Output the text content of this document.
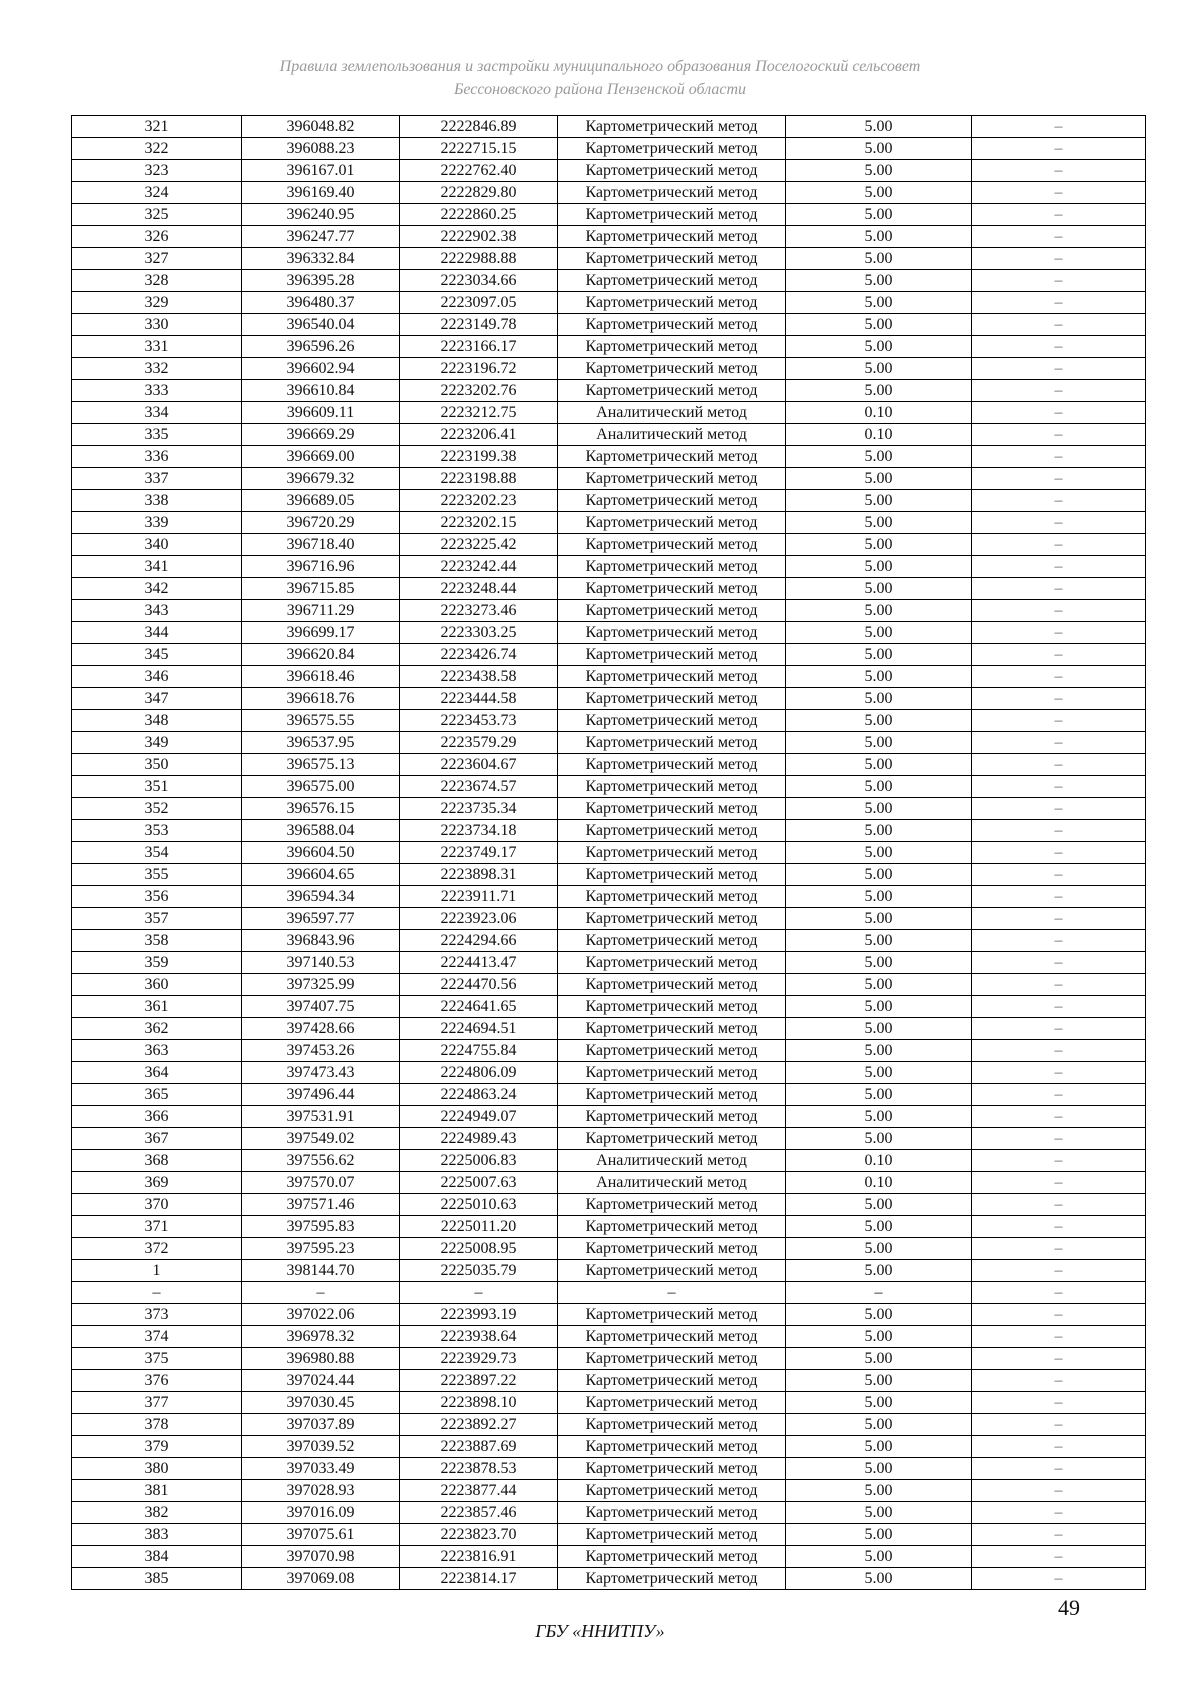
Правила землепользования и застройки муниципального образования Поселогоский сельсовет
Бессоновского района Пензенской области
321	396048.82	2222846.89	Картометрический метод	5.00	–
322	396088.23	2222715.15	Картометрический метод	5.00	–
323	396167.01	2222762.40	Картометрический метод	5.00	–
324	396169.40	2222829.80	Картометрический метод	5.00	–
325	396240.95	2222860.25	Картометрический метод	5.00	–
326	396247.77	2222902.38	Картометрический метод	5.00	–
327	396332.84	2222988.88	Картометрический метод	5.00	–
328	396395.28	2223034.66	Картометрический метод	5.00	–
329	396480.37	2223097.05	Картометрический метод	5.00	–
330	396540.04	2223149.78	Картометрический метод	5.00	–
331	396596.26	2223166.17	Картометрический метод	5.00	–
332	396602.94	2223196.72	Картометрический метод	5.00	–
333	396610.84	2223202.76	Картометрический метод	5.00	–
334	396609.11	2223212.75	Аналитический метод	0.10	–
335	396669.29	2223206.41	Аналитический метод	0.10	–
336	396669.00	2223199.38	Картометрический метод	5.00	–
337	396679.32	2223198.88	Картометрический метод	5.00	–
338	396689.05	2223202.23	Картометрический метод	5.00	–
339	396720.29	2223202.15	Картометрический метод	5.00	–
340	396718.40	2223225.42	Картометрический метод	5.00	–
341	396716.96	2223242.44	Картометрический метод	5.00	–
342	396715.85	2223248.44	Картометрический метод	5.00	–
343	396711.29	2223273.46	Картометрический метод	5.00	–
344	396699.17	2223303.25	Картометрический метод	5.00	–
345	396620.84	2223426.74	Картометрический метод	5.00	–
346	396618.46	2223438.58	Картометрический метод	5.00	–
347	396618.76	2223444.58	Картометрический метод	5.00	–
348	396575.55	2223453.73	Картометрический метод	5.00	–
349	396537.95	2223579.29	Картометрический метод	5.00	–
350	396575.13	2223604.67	Картометрический метод	5.00	–
351	396575.00	2223674.57	Картометрический метод	5.00	–
352	396576.15	2223735.34	Картометрический метод	5.00	–
353	396588.04	2223734.18	Картометрический метод	5.00	–
354	396604.50	2223749.17	Картометрический метод	5.00	–
355	396604.65	2223898.31	Картометрический метод	5.00	–
356	396594.34	2223911.71	Картометрический метод	5.00	–
357	396597.77	2223923.06	Картометрический метод	5.00	–
358	396843.96	2224294.66	Картометрический метод	5.00	–
359	397140.53	2224413.47	Картометрический метод	5.00	–
360	397325.99	2224470.56	Картометрический метод	5.00	–
361	397407.75	2224641.65	Картометрический метод	5.00	–
362	397428.66	2224694.51	Картометрический метод	5.00	–
363	397453.26	2224755.84	Картометрический метод	5.00	–
364	397473.43	2224806.09	Картометрический метод	5.00	–
365	397496.44	2224863.24	Картометрический метод	5.00	–
366	397531.91	2224949.07	Картометрический метод	5.00	–
367	397549.02	2224989.43	Картометрический метод	5.00	–
368	397556.62	2225006.83	Аналитический метод	0.10	–
369	397570.07	2225007.63	Аналитический метод	0.10	–
370	397571.46	2225010.63	Картометрический метод	5.00	–
371	397595.83	2225011.20	Картометрический метод	5.00	–
372	397595.23	2225008.95	Картометрический метод	5.00	–
1	398144.70	2225035.79	Картометрический метод	5.00	–
–	–	–	–	–	–
373	397022.06	2223993.19	Картометрический метод	5.00	–
374	396978.32	2223938.64	Картометрический метод	5.00	–
375	396980.88	2223929.73	Картометрический метод	5.00	–
376	397024.44	2223897.22	Картометрический метод	5.00	–
377	397030.45	2223898.10	Картометрический метод	5.00	–
378	397037.89	2223892.27	Картометрический метод	5.00	–
379	397039.52	2223887.69	Картометрический метод	5.00	–
380	397033.49	2223878.53	Картометрический метод	5.00	–
381	397028.93	2223877.44	Картометрический метод	5.00	–
382	397016.09	2223857.46	Картометрический метод	5.00	–
383	397075.61	2223823.70	Картометрический метод	5.00	–
384	397070.98	2223816.91	Картометрический метод	5.00	–
385	397069.08	2223814.17	Картометрический метод	5.00	–
49
ГБУ «ННИТПУ»
